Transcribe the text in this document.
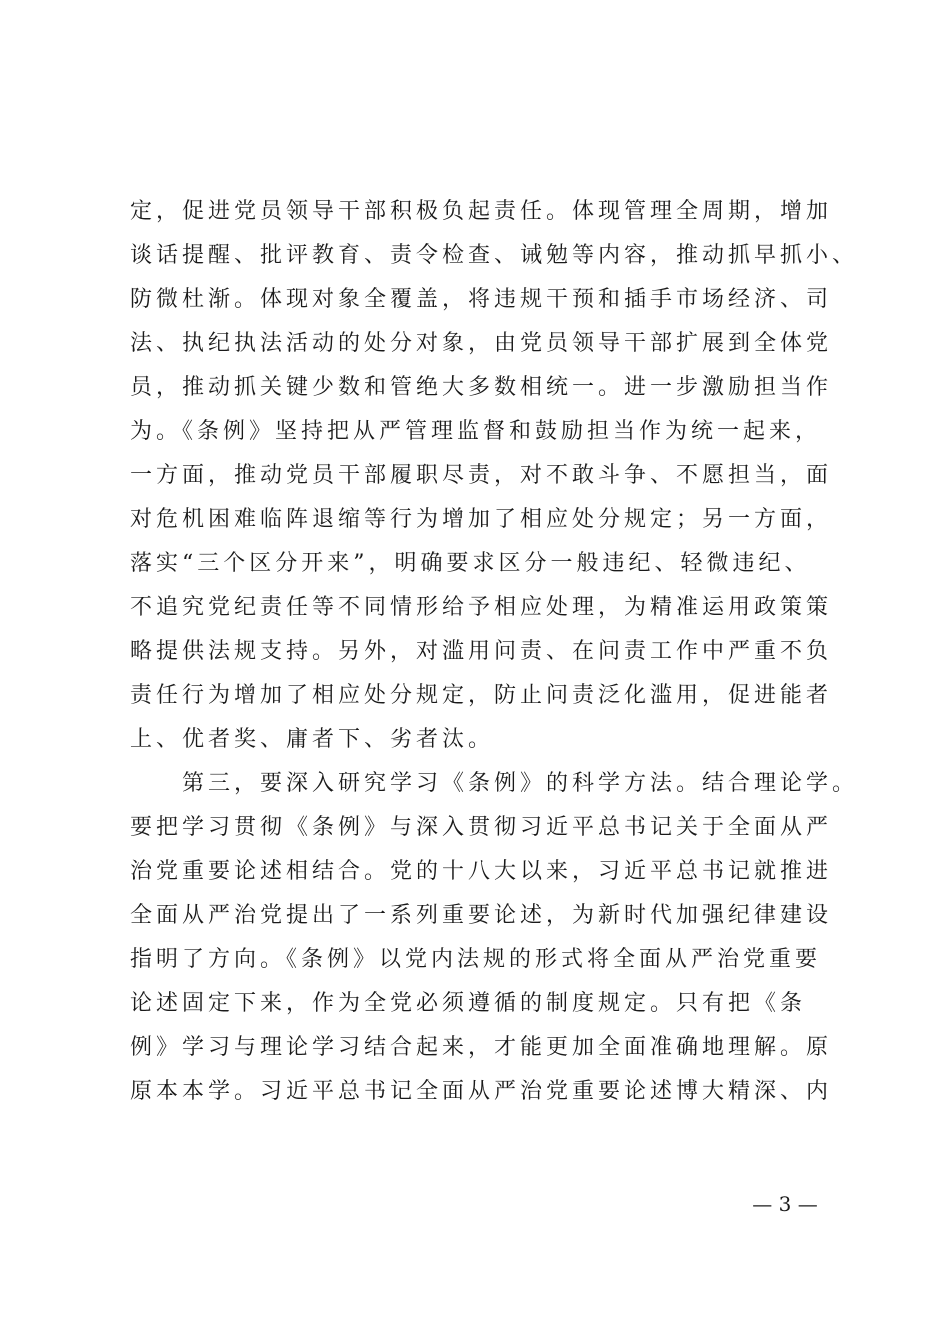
定，促进党员领导干部积极负起责任。体现管理全周期，增加
谈话提醒、批评教育、责令检查、诫勉等内容，推动抓早抓小、
防微杜渐。体现对象全覆盖，将违规干预和插手市场经济、司
法、执纪执法活动的处分对象，由党员领导干部扩展到全体党
员，推动抓关键少数和管绝大多数相统一。进一步激励担当作
为。《条例》坚持把从严管理监督和鼓励担当作为统一起来，
一方面，推动党员干部履职尽责，对不敢斗争、不愿担当，面
对危机困难临阵退缩等行为增加了相应处分规定；另一方面，
落实“三个区分开来”，明确要求区分一般违纪、轻微违纪、
不追究党纪责任等不同情形给予相应处理，为精准运用政策策
略提供法规支持。另外，对滥用问责、在问责工作中严重不负
责任行为增加了相应处分规定，防止问责泛化滥用，促进能者
上、优者奖、庸者下、劣者汰。
　　第三，要深入研究学习《条例》的科学方法。结合理论学。
要把学习贯彻《条例》与深入贯彻习近平总书记关于全面从严
治党重要论述相结合。党的十八大以来，习近平总书记就推进
全面从严治党提出了一系列重要论述，为新时代加强纪律建设
指明了方向。《条例》以党内法规的形式将全面从严治党重要
论述固定下来，作为全党必须遵循的制度规定。只有把《条
例》学习与理论学习结合起来，才能更加全面准确地理解。原
原本本学。习近平总书记全面从严治党重要论述博大精深、内
— 3 —
